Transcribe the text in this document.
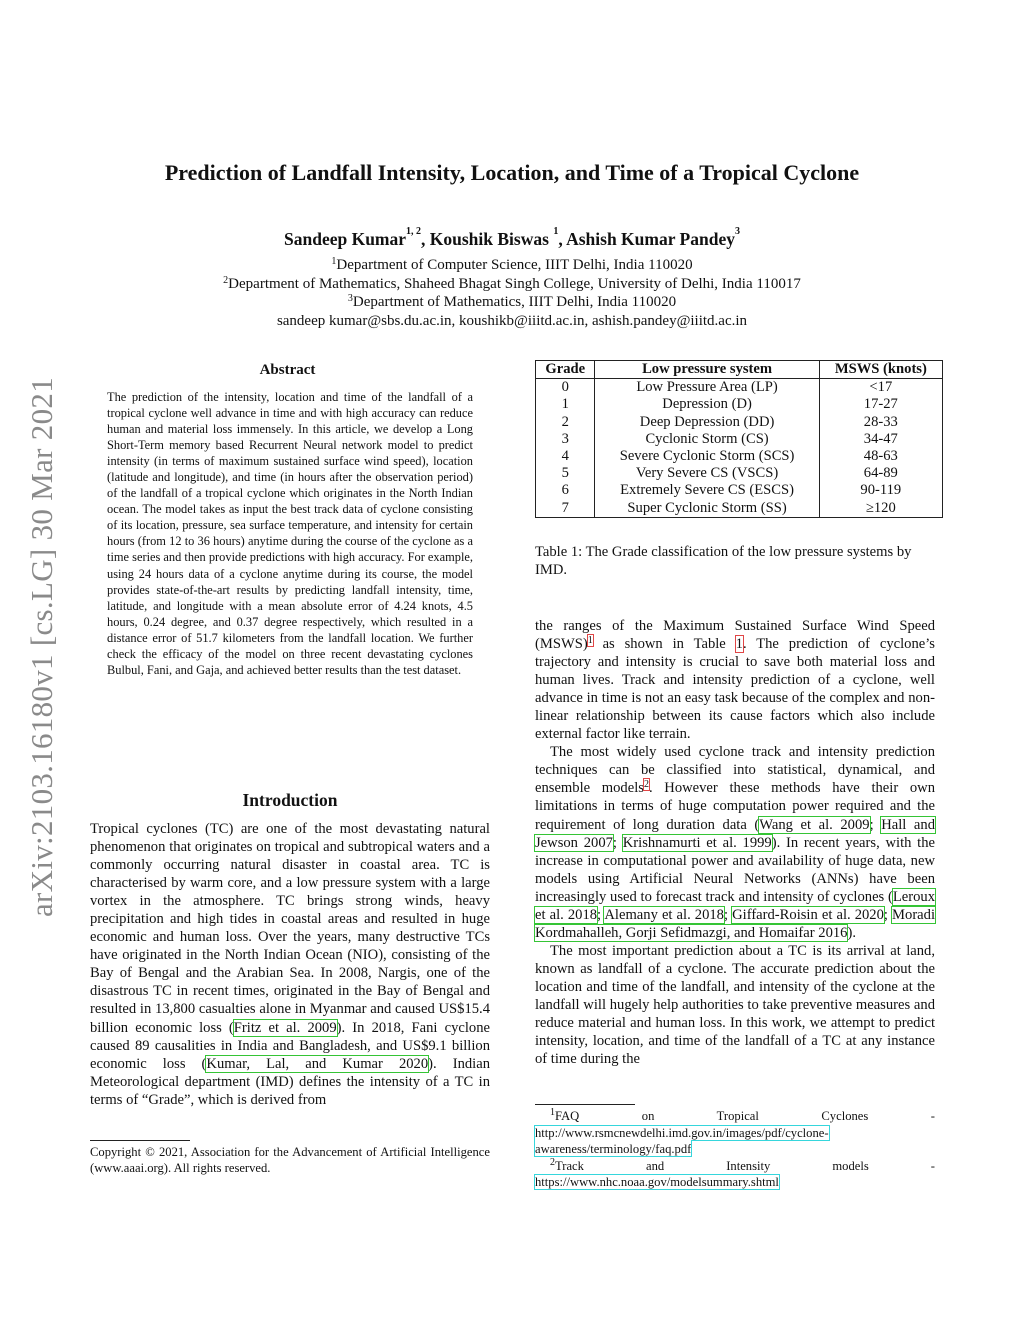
arXiv:2103.16180v1 [cs.LG] 30 Mar 2021
Prediction of Landfall Intensity, Location, and Time of a Tropical Cyclone
Sandeep Kumar$^{1, 2}$, Koushik Biswas $^1$, Ashish Kumar Pandey$^3$
$^1$Department of Computer Science, IIIT Delhi, India 110020
$^2$Department of Mathematics, Shaheed Bhagat Singh College, University of Delhi, India 110017
$^3$Department of Mathematics, IIIT Delhi, India 110020
sandeep kumar@sbs.du.ac.in, koushikb@iiitd.ac.in, ashish.pandey@iiitd.ac.in
Abstract
The prediction of the intensity, location and time of the landfall of a tropical cyclone well advance in time and with high accuracy can reduce human and material loss immensely. In this article, we develop a Long Short-Term memory based Recurrent Neural network model to predict intensity (in terms of maximum sustained surface wind speed), location (latitude and longitude), and time (in hours after the observation period) of the landfall of a tropical cyclone which originates in the North Indian ocean. The model takes as input the best track data of cyclone consisting of its location, pressure, sea surface temperature, and intensity for certain hours (from 12 to 36 hours) anytime during the course of the cyclone as a time series and then provide predictions with high accuracy. For example, using 24 hours data of a cyclone anytime during its course, the model provides state-of-the-art results by predicting landfall intensity, time, latitude, and longitude with a mean absolute error of 4.24 knots, 4.5 hours, 0.24 degree, and 0.37 degree respectively, which resulted in a distance error of 51.7 kilometers from the landfall location. We further check the efficacy of the model on three recent devastating cyclones Bulbul, Fani, and Gaja, and achieved better results than the test dataset.
Introduction

Tropical cyclones (TC) are one of the most devastating natural phenomenon that originates on tropical and subtropical waters and a commonly occurring natural disaster in coastal area. TC is characterised by warm core, and a low pressure system with a large vortex in the atmosphere. TC brings strong winds, heavy precipitation and high tides in coastal areas and resulted in huge economic and human loss. Over the years, many destructive TCs have originated in the North Indian Ocean (NIO), consisting of the Bay of Bengal and the Arabian Sea. In 2008, Nargis, one of the disastrous TC in recent times, originated in the Bay of Bengal and resulted in 13,800 casualties alone in Myanmar and caused US$15.4 billion economic loss (Fritz et al. 2009). In 2018, Fani cyclone caused 89 causalities in India and Bangladesh, and US$9.1 billion economic loss (Kumar, Lal, and Kumar 2020). Indian Meteorological department (IMD) defines the intensity of a TC in terms of “Grade”, which is derived from

Copyright © 2021, Association for the Advancement of Artificial Intelligence (www.aaai.org). All rights reserved.
Grade	Low pressure system	MSWS (knots)
0	Low Pressure Area (LP)	<17
1	Depression (D)	17-27
2	Deep Depression (DD)	28-33
3	Cyclonic Storm (CS)	34-47
4	Severe Cyclonic Storm (SCS)	48-63
5	Very Severe CS (VSCS)	64-89
6	Extremely Severe CS (ESCS)	90-119
7	Super Cyclonic Storm (SS)	≥120
Table 1: The Grade classification of the low pressure systems by IMD.

the ranges of the Maximum Sustained Surface Wind Speed (MSWS)$^1$ as shown in Table 1. The prediction of cyclone’s trajectory and intensity is crucial to save both material loss and human lives. Track and intensity prediction of a cyclone, well advance in time is not an easy task because of the complex and non-linear relationship between its cause factors which also include external factor like terrain.

The most widely used cyclone track and intensity prediction techniques can be classified into statistical, dynamical, and ensemble models$^2$. However these methods have their own limitations in terms of huge computation power required and the requirement of long duration data (Wang et al. 2009; Hall and Jewson 2007; Krishnamurti et al. 1999). In recent years, with the increase in computational power and availability of huge data, new models using Artificial Neural Networks (ANNs) have been increasingly used to forecast track and intensity of cyclones (Leroux et al. 2018; Alemany et al. 2018; Giffard-Roisin et al. 2020; Moradi Kordmahalleh, Gorji Sefidmazgi, and Homaifar 2016).

The most important prediction about a TC is its arrival at land, known as landfall of a cyclone. The accurate prediction about the location and time of the landfall, and intensity of the cyclone at the landfall will hugely help authorities to take preventive measures and reduce material and human loss. In this work, we attempt to predict intensity, location, and time of the landfall of a TC at any instance of time during the

$^1$FAQ on Tropical Cyclones - http://www.rsmcnewdelhi.imd.gov.in/images/pdf/cyclone-awareness/terminology/faq.pdf

$^2$Track and Intensity models - https://www.nhc.noaa.gov/modelsummary.shtml
